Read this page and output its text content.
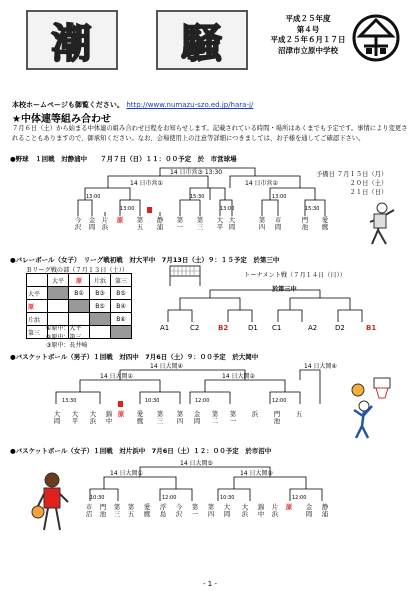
潮 騒
平成２５年度
第４号
平成２５年６月１７日
沼津市立原中学校
本校ホームページも御覧ください。 http://www.numazu-szo.ed.jp/hara-j/
★中体連等組み合わせ
７月６日（土）から始まる中体連の組み合わせ日程をお知らせします。記載されている時間・場所はあくまでも予定です。事情により変更されることもありますので、御承知ください。なお、会場使用上の注意等詳細につきましては、お子様を通してご確認下さい。
●野球　１回戦　対静浦中　　７月７日（日）１１：００予定　於　市営球場
14 日市営③ 13:30
14 日市営①	14 日市営②
13:00	15:30	13:00
13:00	13:00	15:30
今
沢
金
岡
片
浜
原 第
五
静
浦
第
一
第
三
大
平
大
岡
第
四
市
岡
門
池
愛
鷹
予備日 ７月１５日（月）
２０日（土）
２１日（日）
●バレーボール（女子）　リーグ戦初戦　対大平中　7月13日（土）９：１５予定　於第三中
Ｂリーグ戦の部（７月１３日（土））
	大平	原	片浜	第三
大平		B①	B③	B⑤
原			B⑤	B④
片浜				B⑥
第三				
①原中：大平
②原中：第三
③原中：長井崎
トーナメント戦（７月１４日（日））
於第三中
A1	C2	B2	D1 C1	A2	D2	B1
●バスケットボール（男子）１回戦　対四中　7月6日（土）９：００予定　於大岡中
14 日大岡④	14 日大岡④
14 日大岡①	14 日大岡②
13:30	10:30	12:00	12:00
大
岡
大
平
大
浜
錦
中
原 愛
鷹
第
三
第
四
金
岡
第
二
第
一
浜 門
池
五
●バスケットボール（女子）１回戦　対片浜中　7月6日（土）１２：００予定　於市沼中
14 日大岡⑤
14 日大岡①	14 日大岡②
10:30	12:00	10:30	12:00
市
沼
門
池
第
三
第
五
愛
鷹
浮
島
今
沢
第
一
第
四
大
岡
大
浜
錦
中
片
浜
原 金
岡
静
浦
- 1 -
